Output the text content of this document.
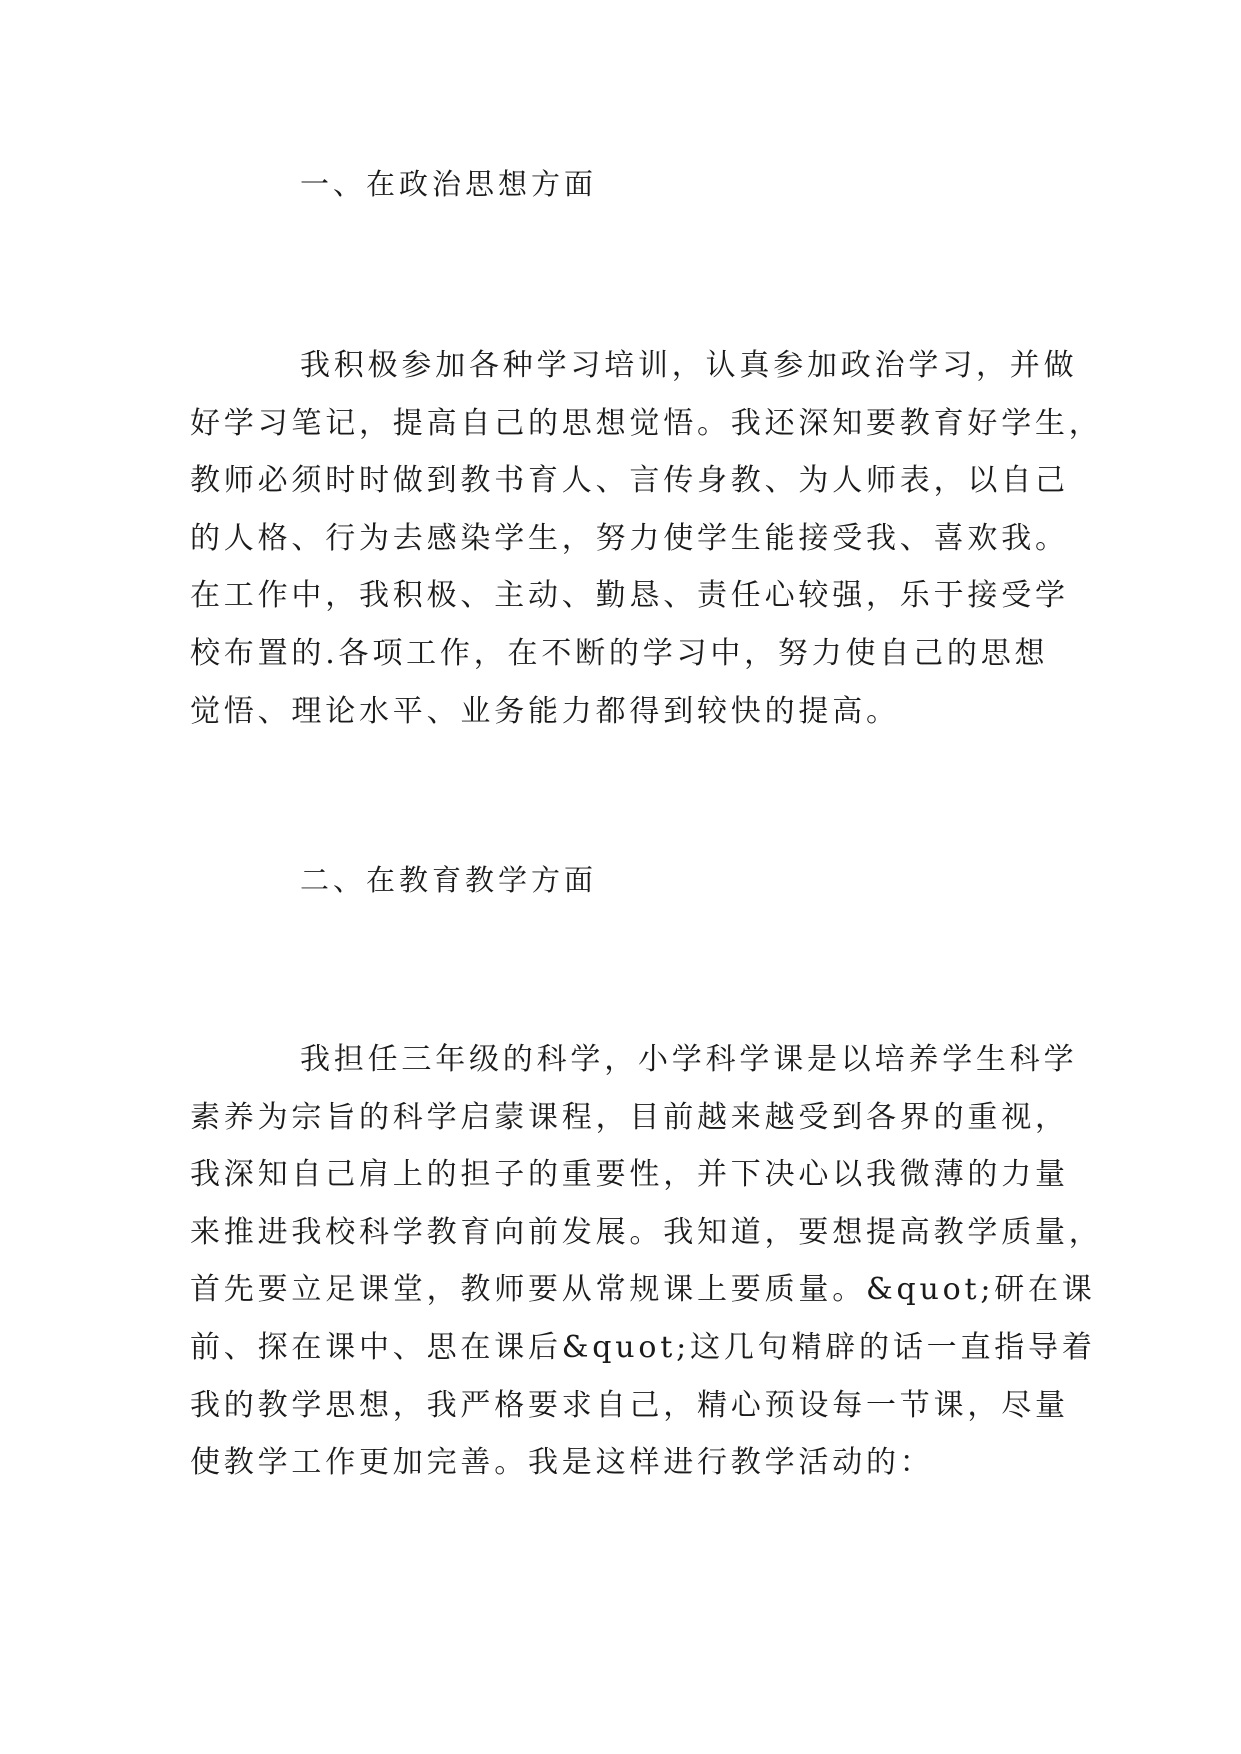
一、在政治思想方面
我积极参加各种学习培训，认真参加政治学习，并做
好学习笔记，提高自己的思想觉悟。我还深知要教育好学生，
教师必须时时做到教书育人、言传身教、为人师表，以自己
的人格、行为去感染学生，努力使学生能接受我、喜欢我。
在工作中，我积极、主动、勤恳、责任心较强，乐于接受学
校布置的.各项工作，在不断的学习中，努力使自己的思想
觉悟、理论水平、业务能力都得到较快的提高。
二、在教育教学方面
我担任三年级的科学，小学科学课是以培养学生科学
素养为宗旨的科学启蒙课程，目前越来越受到各界的重视，
我深知自己肩上的担子的重要性，并下决心以我微薄的力量
来推进我校科学教育向前发展。我知道，要想提高教学质量，
首先要立足课堂，教师要从常规课上要质量。&quot;研在课
前、探在课中、思在课后&quot;这几句精辟的话一直指导着
我的教学思想，我严格要求自己，精心预设每一节课，尽量
使教学工作更加完善。我是这样进行教学活动的：
